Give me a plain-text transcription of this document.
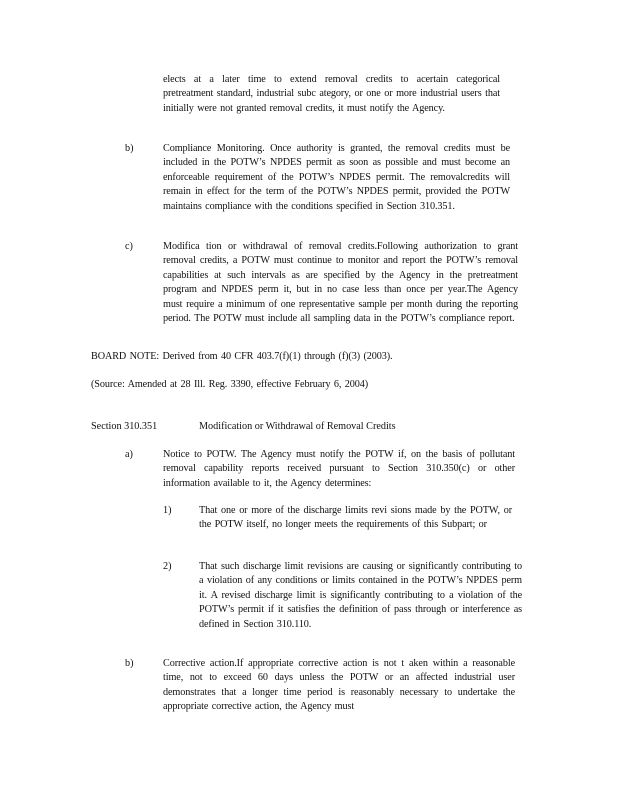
elects at a later time to extend removal credits to acertain categorical pretreatment standard, industrial subc ategory, or one or more industrial users that initially were not granted removal credits, it must notify the Agency.
b)	Compliance Monitoring. Once authority is granted, the removal credits must be included in the POTW’s NPDES permit as soon as possible and must become an enforceable requirement of the POTW’s NPDES permit. The removalcredits will remain in effect for the term of the POTW’s NPDES permit, provided the POTW maintains compliance with the conditions specified in Section 310.351.
c)	Modifica tion or withdrawal of removal credits.Following authorization to grant removal credits, a POTW must continue to monitor and report the POTW’s removal capabilities at such intervals as are specified by the Agency in the pretreatment program and NPDES perm it, but in no case less than once per year.The Agency must require a minimum of one representative sample per month during the reporting period. The POTW must include all sampling data in the POTW’s compliance report.
BOARD NOTE: Derived from 40 CFR 403.7(f)(1) through (f)(3) (2003).
(Source: Amended at 28 Ill. Reg. 3390, effective February 6, 2004)
Section 310.351	Modification or Withdrawal of Removal Credits
a)	Notice to POTW. The Agency must notify the POTW if, on the basis of pollutant removal capability reports received pursuant to Section 310.350(c) or other information available to it, the Agency determines:
1)	That one or more of the discharge limits revi sions made by the POTW, or the POTW itself, no longer meets the requirements of this Subpart; or
2)	That such discharge limit revisions are causing or significantly contributing to a violation of any conditions or limits contained in the POTW’s NPDES perm it. A revised discharge limit is significantly contributing to a violation of the POTW’s permit if it satisfies the definition of pass through or interference as defined in Section 310.110.
b)	Corrective action.If appropriate corrective action is not t aken within a reasonable time, not to exceed 60 days unless the POTW or an affected industrial user demonstrates that a longer time period is reasonably necessary to undertake the appropriate corrective action, the Agency must
